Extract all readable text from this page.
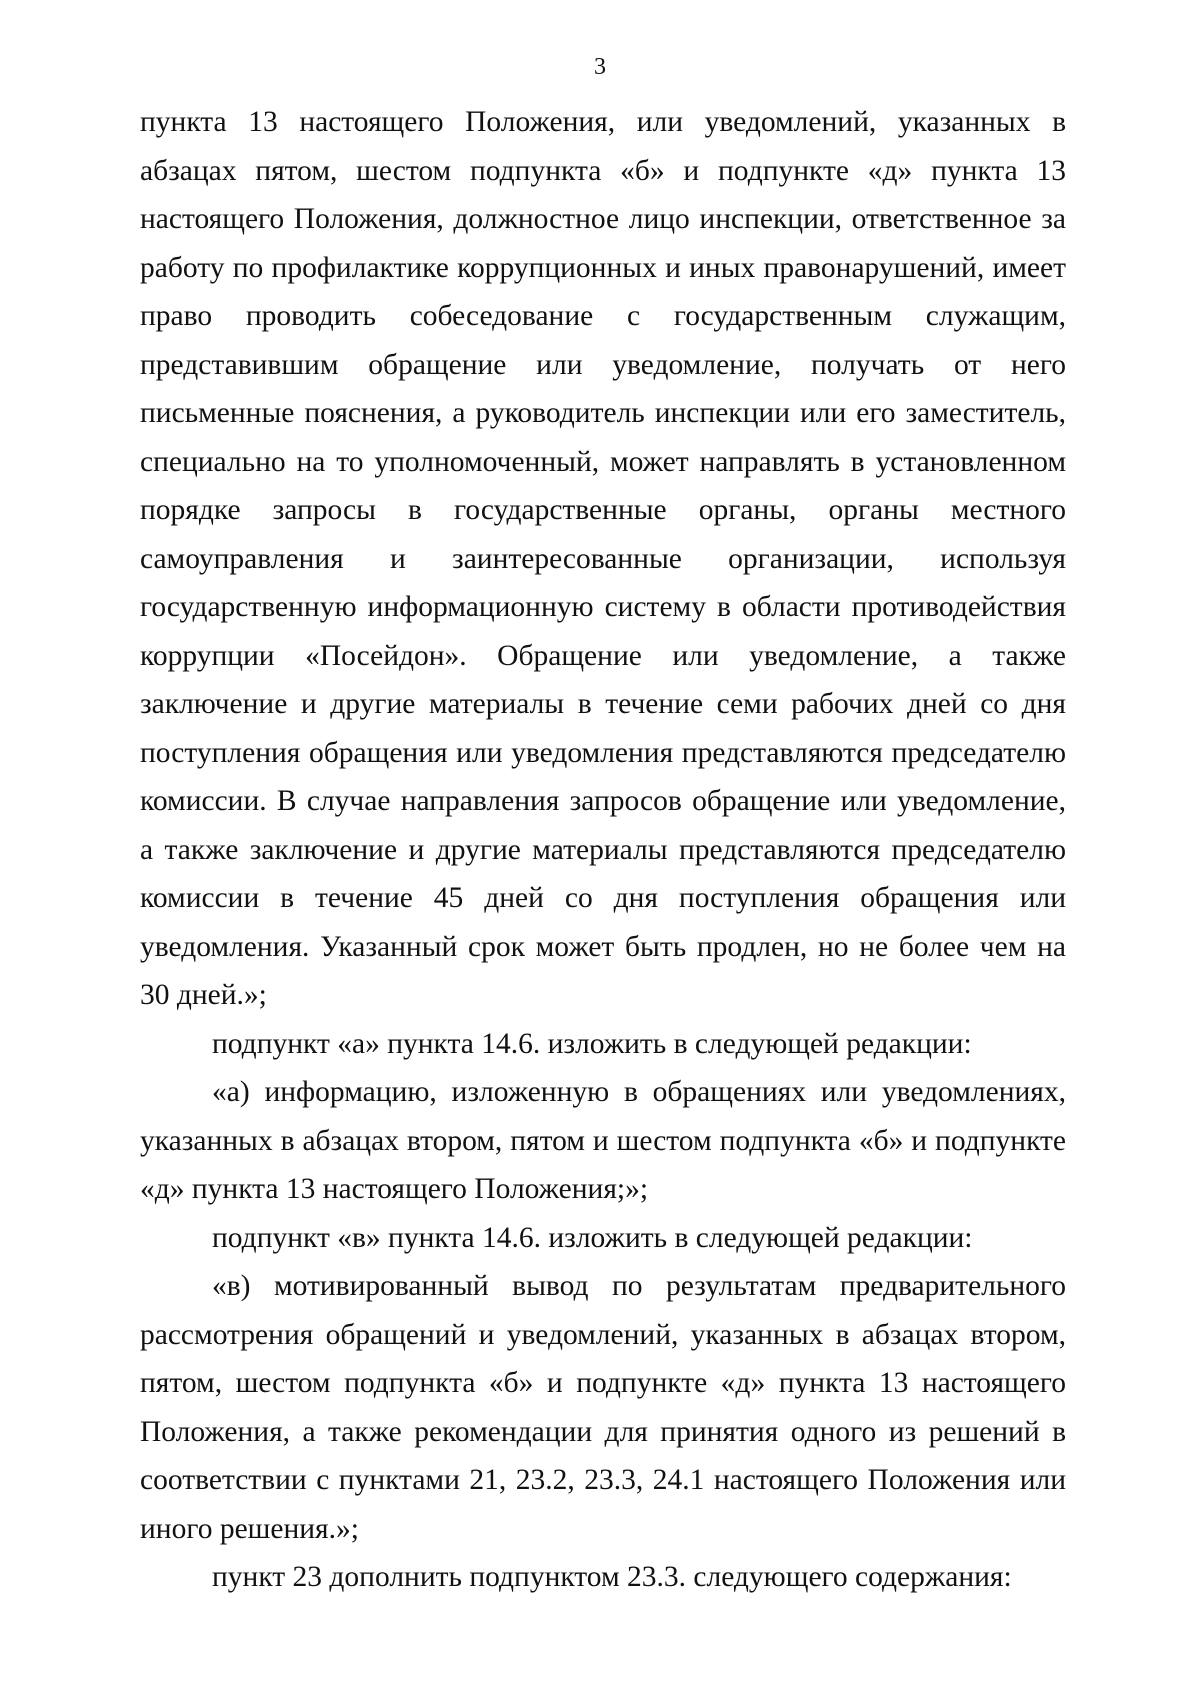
3

пункта 13 настоящего Положения, или уведомлений, указанных в абзацах пятом, шестом подпункта «б» и подпункте «д» пункта 13 настоящего Положения, должностное лицо инспекции, ответственное за работу по профилактике коррупционных и иных правонарушений, имеет право проводить собеседование с государственным служащим, представившим обращение или уведомление, получать от него письменные пояснения, а руководитель инспекции или его заместитель, специально на то уполномоченный, может направлять в установленном порядке запросы в государственные органы, органы местного самоуправления и заинтересованные организации, используя государственную информационную систему в области противодействия коррупции «Посейдон». Обращение или уведомление, а также заключение и другие материалы в течение семи рабочих дней со дня поступления обращения или уведомления представляются председателю комиссии. В случае направления запросов обращение или уведомление, а также заключение и другие материалы представляются председателю комиссии в течение 45 дней со дня поступления обращения или уведомления. Указанный срок может быть продлен, но не более чем на 30 дней.»;

подпункт «а» пункта 14.6. изложить в следующей редакции:

«а) информацию, изложенную в обращениях или уведомлениях, указанных в абзацах втором, пятом и шестом подпункта «б» и подпункте «д» пункта 13 настоящего Положения;»;

подпункт «в» пункта 14.6. изложить в следующей редакции:

«в) мотивированный вывод по результатам предварительного рассмотрения обращений и уведомлений, указанных в абзацах втором, пятом, шестом подпункта «б» и подпункте «д» пункта 13 настоящего Положения, а также рекомендации для принятия одного из решений в соответствии с пунктами 21, 23.2, 23.3, 24.1 настоящего Положения или иного решения.»;

пункт 23 дополнить подпунктом 23.3. следующего содержания:
